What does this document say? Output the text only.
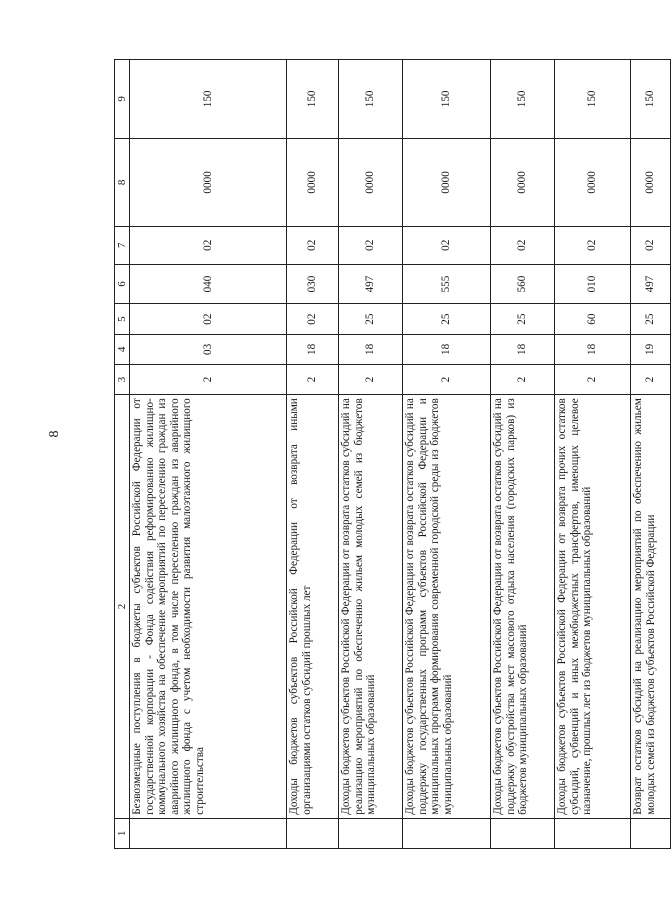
8
1	2	3	4	5	6	7	8	9
	Безвозмездные поступления в бюджеты субъектов Российской Федерации от государственной корпорации - Фонда содействия реформированию жилищно-коммунального хозяйства на обеспечение мероприятий по переселению граждан из аварийного жилищного фонда, в том числе переселению граждан из аварийного жилищного фонда с учетом необходимости развития малоэтажного жилищного строительства	2	03	02	040	02	0000	150
	Доходы бюджетов субъектов Российской Федерации от возврата иными организациями остатков субсидий прошлых лет	2	18	02	030	02	0000	150
	Доходы бюджетов субъектов Российской Федерации от возврата остатков субсидий на реализацию мероприятий по обеспечению жильем молодых семей из бюджетов муниципальных образований	2	18	25	497	02	0000	150
	Доходы бюджетов субъектов Российской Федерации от возврата остатков субсидий на поддержку государственных программ субъектов Российской Федерации и муниципальных программ формирования современной городской среды из бюджетов муниципальных образований	2	18	25	555	02	0000	150
	Доходы бюджетов субъектов Российской Федерации от возврата остатков субсидий на поддержку обустройства мест массового отдыха населения (городских парков) из бюджетов муниципальных образований	2	18	25	560	02	0000	150
	Доходы бюджетов субъектов Российской Федерации от возврата прочих остатков субсидий, субвенций и иных межбюджетных трансфертов, имеющих целевое назначение, прошлых лет из бюджетов муниципальных образований	2	18	60	010	02	0000	150
	Возврат остатков субсидий на реализацию мероприятий по обеспечению жильем молодых семей из бюджетов субъектов Российской Федерации	2	19	25	497	02	0000	150
